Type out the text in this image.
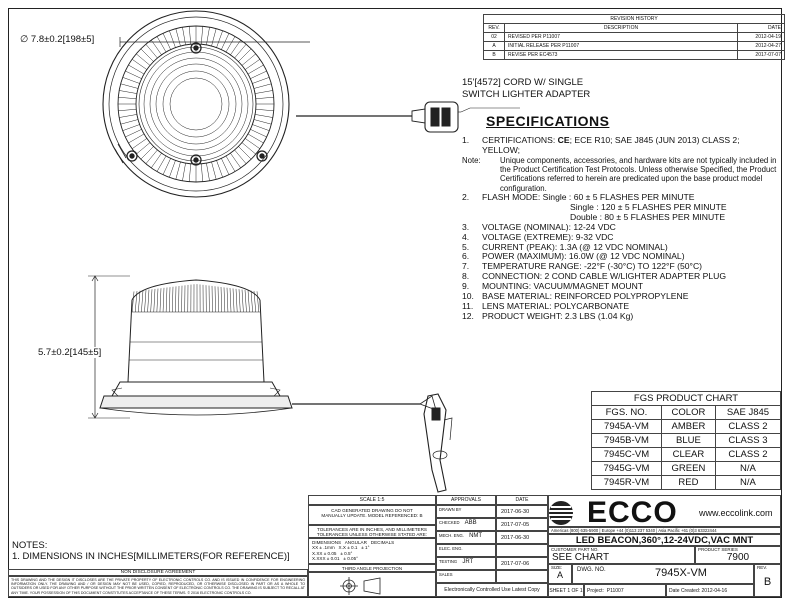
REVISION HISTORY		
REV.	DESCRIPTION	DATE
02	REVISED PER P11007	2012-04-19
A	INITIAL RELEASE PER P11007	2012-04-27
B	REVISE PER EC4573	2017-07-07
∅ 7.8±0.2[198±5]
5.7±0.2[145±5]
15'[4572] CORD W/ SINGLE
SWITCH LIGHTER ADAPTER
SPECIFICATIONS
1. CERTIFICATIONS: CE; ECE R10; SAE J845 (JUN 2013) CLASS 2; YELLOW;
Note: Unique components, accessories, and hardware kits are not typically included in the Product Certification Test Protocols. Unless otherwise Specified, the Product Certifications referred to herein are predicated upon the base product model configuration.
2. FLASH MODE: Single : 60 ± 5 FLASHES PER MINUTE
Single : 120 ± 5 FLASHES PER MINUTE
Double : 80 ± 5 FLASHES PER MINUTE
3. VOLTAGE (NOMINAL): 12-24 VDC
4. VOLTAGE (EXTREME): 9-32 VDC
5. CURRENT (PEAK): 1.3A (@ 12 VDC NOMINAL)
6. POWER (MAXIMUM): 16.0W (@ 12 VDC NOMINAL)
7. TEMPERATURE RANGE: -22°F (-30°C) TO 122°F (50°C)
8. CONNECTION: 2 COND CABLE W/LIGHTER ADAPTER PLUG
9. MOUNTING: VACUUM/MAGNET MOUNT
10. BASE MATERIAL: REINFORCED POLYPROPYLENE
11. LENS MATERIAL: POLYCARBONATE
12. PRODUCT WEIGHT: 2.3 LBS (1.04 Kg)
FGS PRODUCT CHART		
FGS. NO.	COLOR	SAE J845
7945A-VM	AMBER	CLASS 2
7945B-VM	BLUE	CLASS 3
7945C-VM	CLEAR	CLASS 2
7945G-VM	GREEN	N/A
7945R-VM	RED	N/A
NOTES:
1. DIMENSIONS IN INCHES[MILLIMETERS(FOR REFERENCE)]
SCALE 1:5
CAD GENERATED DRAWING DO NOT MANUALLY UPDATE. MODEL REFERENCED: B
TOLERANCES ARE IN INCHES, AND MILLIMETERS TOLERANCES UNLESS OTHERWISE STATED ARE:
DIMENSIONS ANGULAR DECIMALS
XX ± .1mm X.X ± 0.1 ± 1°
X.XX ± 0.05 ± 0.5°
X.XXX ± 0.01 ± 0.05°
THIRD ANGLE PROJECTION
NON DISCLOSURE AGREEMENT
THIS DRAWING AND THE DESIGN IT DISCLOSES ARE THE PRIVATE PROPERTY OF ELECTRONIC CONTROLS CO. AND IS ISSUED IN CONFIDENCE FOR ENGINEERING INFORMATION ONLY. THE DRAWING AND / OR DESIGN MAY NOT BE USED, COPIED, REPRODUCED, OR OTHERWISE DISCLOSED IN PART OR AS A WHOLE TO OUTSIDERS OR USED FOR ANY OTHER PURPOSE WITHOUT THE PRIOR WRITTEN CONSENT OF ELECTRONIC CONTROLS CO. THE DRAWING IS SUBJECT TO RECALL AT ANY TIME. YOUR POSSESSION OF THIS DOCUMENT CONSTITUTES ACCEPTANCE OF THESE TERMS. © 2016 ELECTRONIC CONTROLS CO.
APPROVALS	DATE
DRAWN BY	2017-06-30
CHECKED ABB	2017-07-05
MECH. ENG. NMT	2017-06-30
ELEC. ENG.
TESTING JRT	2017-07-06
SALES
Electronically Controlled Use Latest Copy
ECCO www.eccolink.com
Americas (800) 635-5900 | Europe +44 (0)113 237 5340 | Asia Pacific +61 (0)3 63322444
LED BEACON,360°,12-24VDC,VAC MNT
CUSTOMER PART NO.
SEE CHART
PRODUCT SERIES
7900
SIZE:
A	DWG. NO.	7945X-VM	REV.
B
SHEET 1 OF 1 Project: P11007	Date Created: 2012-04-16
